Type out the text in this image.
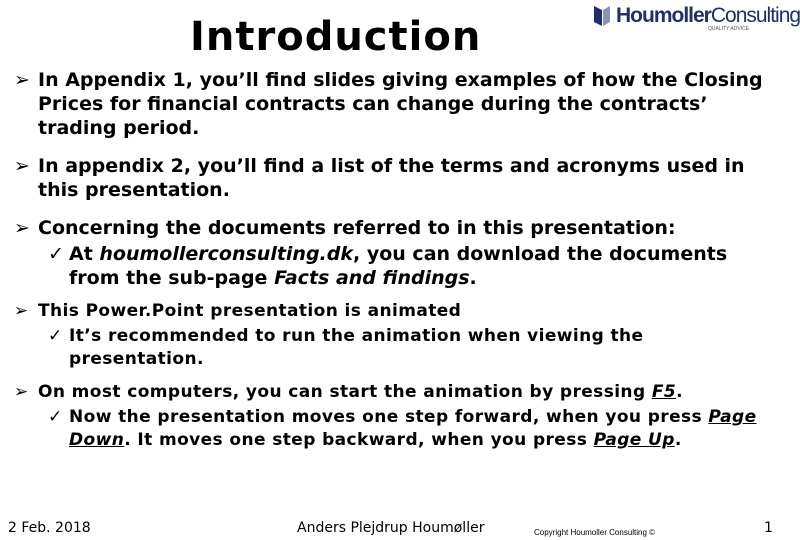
Introduction	HoumollerConsulting
QUALITY ADVICE
➢ In Appendix 1, you’ll find slides giving examples of how the Closing Prices for financial contracts can change during the contracts’ trading period.
➢ In appendix 2, you’ll find a list of the terms and acronyms used in this presentation.
➢ Concerning the documents referred to in this presentation:
✓ At houmollerconsulting.dk, you can download the documents from the sub-page Facts and findings.
➢ This Power.Point presentation is animated
✓ It’s recommended to run the animation when viewing the presentation.
➢ On most computers, you can start the animation by pressing F5.
✓ Now the presentation moves one step forward, when you press Page Down. It moves one step backward, when you press Page Up.
2 Feb. 2018	Anders Plejdrup Houmøller	Copyright Houmoller Consulting ©	1
